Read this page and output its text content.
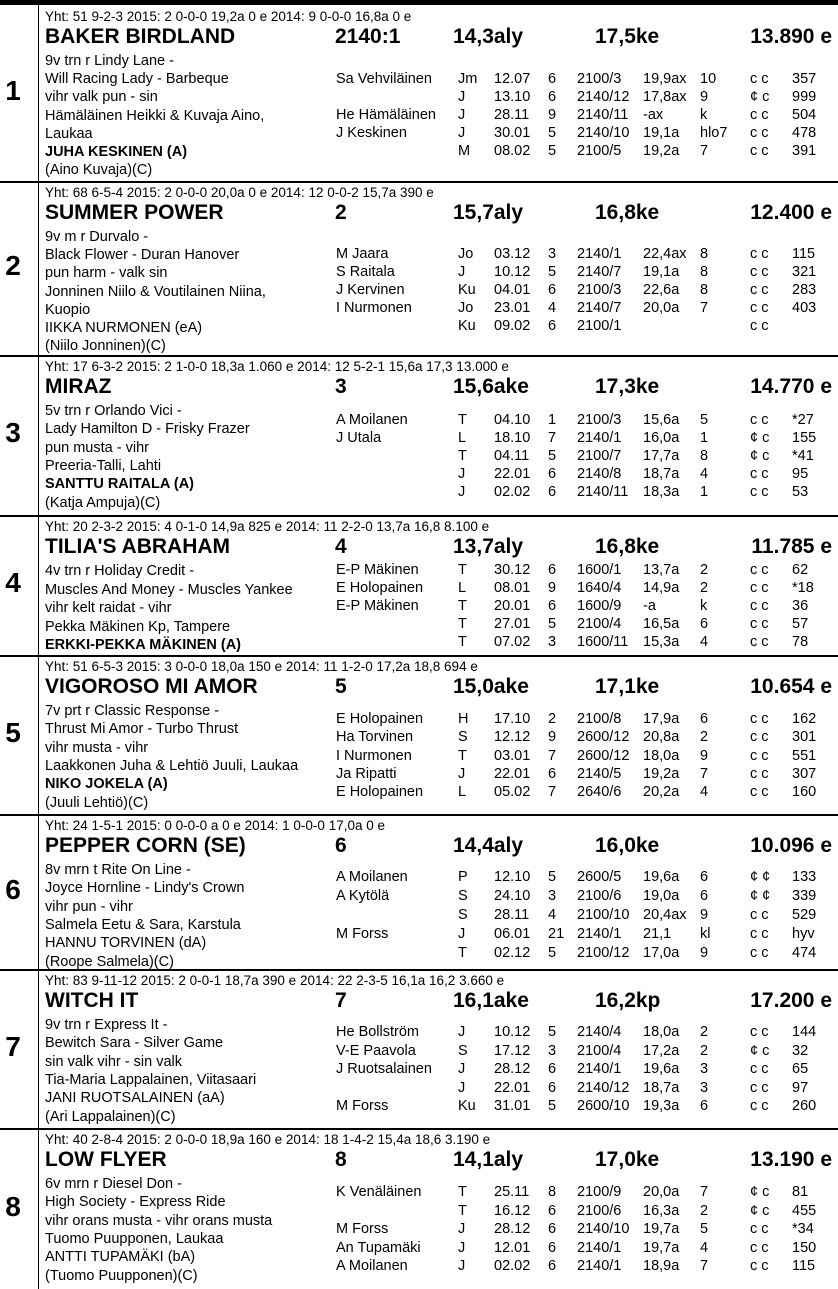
1
Yht: 51 9-2-3 2015: 2 0-0-0 19,2a 0 e 2014: 9 0-0-0 16,8a 0 e
BAKER BIRDLAND	2140:1	14,3aly	17,5ke	13.890 e
9v trn r Lindy Lane -
Will Racing Lady - Barbeque
vihr valk pun - sin
Hämäläinen Heikki & Kuvaja Aino,
Laukaa
JUHA KESKINEN (A)
(Aino Kuvaja)(C)
Sa Vehviläinen Jm 12.07 6 2100/3 19,9ax 10 c c 357
J 13.10 6 2140/12 17,8ax 9	¢ c 999
He Hämäläinen J 28.11 9 2140/11 -ax	k	c c 504
J Keskinen	J 30.01 5 2140/10 19,1a hlo7 c c 478
M 08.02 5 2100/5 19,2a 7	c c 391
2
Yht: 68 6-5-4 2015: 2 0-0-0 20,0a 0 e 2014: 12 0-0-2 15,7a 390 e
SUMMER POWER	2	15,7aly	16,8ke	12.400 e
9v m r Durvalo -
Black Flower - Duran Hanover
pun harm - valk sin
Jonninen Niilo & Voutilainen Niina,
Kuopio
IIKKA NURMONEN (eA)
(Niilo Jonninen)(C)
M Jaara	Jo 03.12 3 2140/1 22,4ax 8	c c 115
S Raitala	J 10.12 5 2140/7 19,1a 8	c c 321
J Kervinen	Ku 04.01 6 2100/3 22,6a 8	c c 283
I Nurmonen	Jo 23.01 4 2140/7 20,0a 7	c c 403
Ku 09.02 6 2100/1	c c
3
Yht: 17 6-3-2 2015: 2 1-0-0 18,3a 1.060 e 2014: 12 5-2-1 15,6a 17,3 13.000 e
MIRAZ	3	15,6ake	17,3ke	14.770 e
5v trn r Orlando Vici -
Lady Hamilton D - Frisky Frazer
pun musta - vihr
Preeria-Talli, Lahti
SANTTU RAITALA (A)
(Katja Ampuja)(C)
A Moilanen	T 04.10 1 2100/3 15,6a 5	c c *27
J Utala	L 18.10 7 2140/1 16,0a 1	¢ c 155
T 04.11 5 2100/7 17,7a 8	¢ c *41
J 22.01 6 2140/8 18,7a 4	c c 95
J 02.02 6 2140/11 18,3a 1	c c 53
4
Yht: 20 2-3-2 2015: 4 0-1-0 14,9a 825 e 2014: 11 2-2-0 13,7a 16,8 8.100 e
TILIA'S ABRAHAM	4	13,7aly	16,8ke	11.785 e
4v trn r Holiday Credit -
Muscles And Money - Muscles Yankee
vihr kelt raidat - vihr
Pekka Mäkinen Kp, Tampere
ERKKI-PEKKA MÄKINEN (A)
E-P Mäkinen	T 30.12 6 1600/1 13,7a 2	c c 62
E Holopainen L 08.01 9 1640/4 14,9a 2	c c *18
E-P Mäkinen	T 20.01 6 1600/9 -a	k	c c 36
T 27.01 5 2100/4 16,5a 6	c c 57
T 07.02 3 1600/11 15,3a 4	c c 78
5
Yht: 51 6-5-3 2015: 3 0-0-0 18,0a 150 e 2014: 11 1-2-0 17,2a 18,8 694 e
VIGOROSO MI AMOR	5	15,0ake	17,1ke	10.654 e
7v prt r Classic Response -
Thrust Mi Amor - Turbo Thrust
vihr musta - vihr
Laakkonen Juha & Lehtiö Juuli, Laukaa
NIKO JOKELA (A)
(Juuli Lehtiö)(C)
E Holopainen H 17.10 2 2100/8 17,9a 6	c c 162
Ha Torvinen	S 12.12 9 2600/12 20,8a 2	c c 301
I Nurmonen	T 03.01 7 2600/12 18,0a 9	c c 551
Ja Ripatti	J 22.01 6 2140/5 19,2a 7	c c 307
E Holopainen L 05.02 7 2640/6 20,2a 4	c c 160
6
Yht: 24 1-5-1 2015: 0 0-0-0 a 0 e 2014: 1 0-0-0 17,0a 0 e
PEPPER CORN (SE)	6	14,4aly	16,0ke	10.096 e
8v mrn t Rite On Line -
Joyce Hornline - Lindy's Crown
vihr pun - vihr
Salmela Eetu & Sara, Karstula
HANNU TORVINEN (dA)
(Roope Salmela)(C)
A Moilanen	P 12.10 5 2600/5 19,6a 6	¢ ¢ 133
A Kytölä	S 24.10 3 2100/6 19,0a 6	¢ ¢ 339
S 28.11 4 2100/10 20,4ax 9	c c 529
M Forss	J 06.01 21 2140/1 21,1 kl	c c hyv
T 02.12 5 2100/12 17,0a 9	c c 474
7
Yht: 83 9-11-12 2015: 2 0-0-1 18,7a 390 e 2014: 22 2-3-5 16,1a 16,2 3.660 e
WITCH IT	7	16,1ake	16,2kp	17.200 e
9v trn r Express It -
Bewitch Sara - Silver Game
sin valk vihr - sin valk
Tia-Maria Lappalainen, Viitasaari
JANI RUOTSALAINEN (aA)
(Ari Lappalainen)(C)
He Bollström	J 10.12 5 2140/4 18,0a 2	c c 144
V-E Paavola	S 17.12 3 2100/4 17,2a 2	¢ c 32
J Ruotsalainen J 28.12 6 2140/1 19,6a 3	c c 65
J 22.01 6 2140/12 18,7a 3	c c 97
M Forss	Ku 31.01 5 2600/10 19,3a 6	c c 260
8
Yht: 40 2-8-4 2015: 2 0-0-0 18,9a 160 e 2014: 18 1-4-2 15,4a 18,6 3.190 e
LOW FLYER	8	14,1aly	17,0ke	13.190 e
6v mrn r Diesel Don -
High Society - Express Ride
vihr orans musta - vihr orans musta
Tuomo Puupponen, Laukaa
ANTTI TUPAMÄKI (bA)
(Tuomo Puupponen)(C)
K Venäläinen	T 25.11 8 2100/9 20,0a 7	¢ c 81
T 16.12 6 2100/6 16,3a 2	¢ c 455
M Forss	J 28.12 6 2140/10 19,7a 5	c c *34
An Tupamäki	J 12.01 6 2140/1 19,7a 4	c c 150
A Moilanen	J 02.02 6 2140/1 18,9a 7	c c 115
